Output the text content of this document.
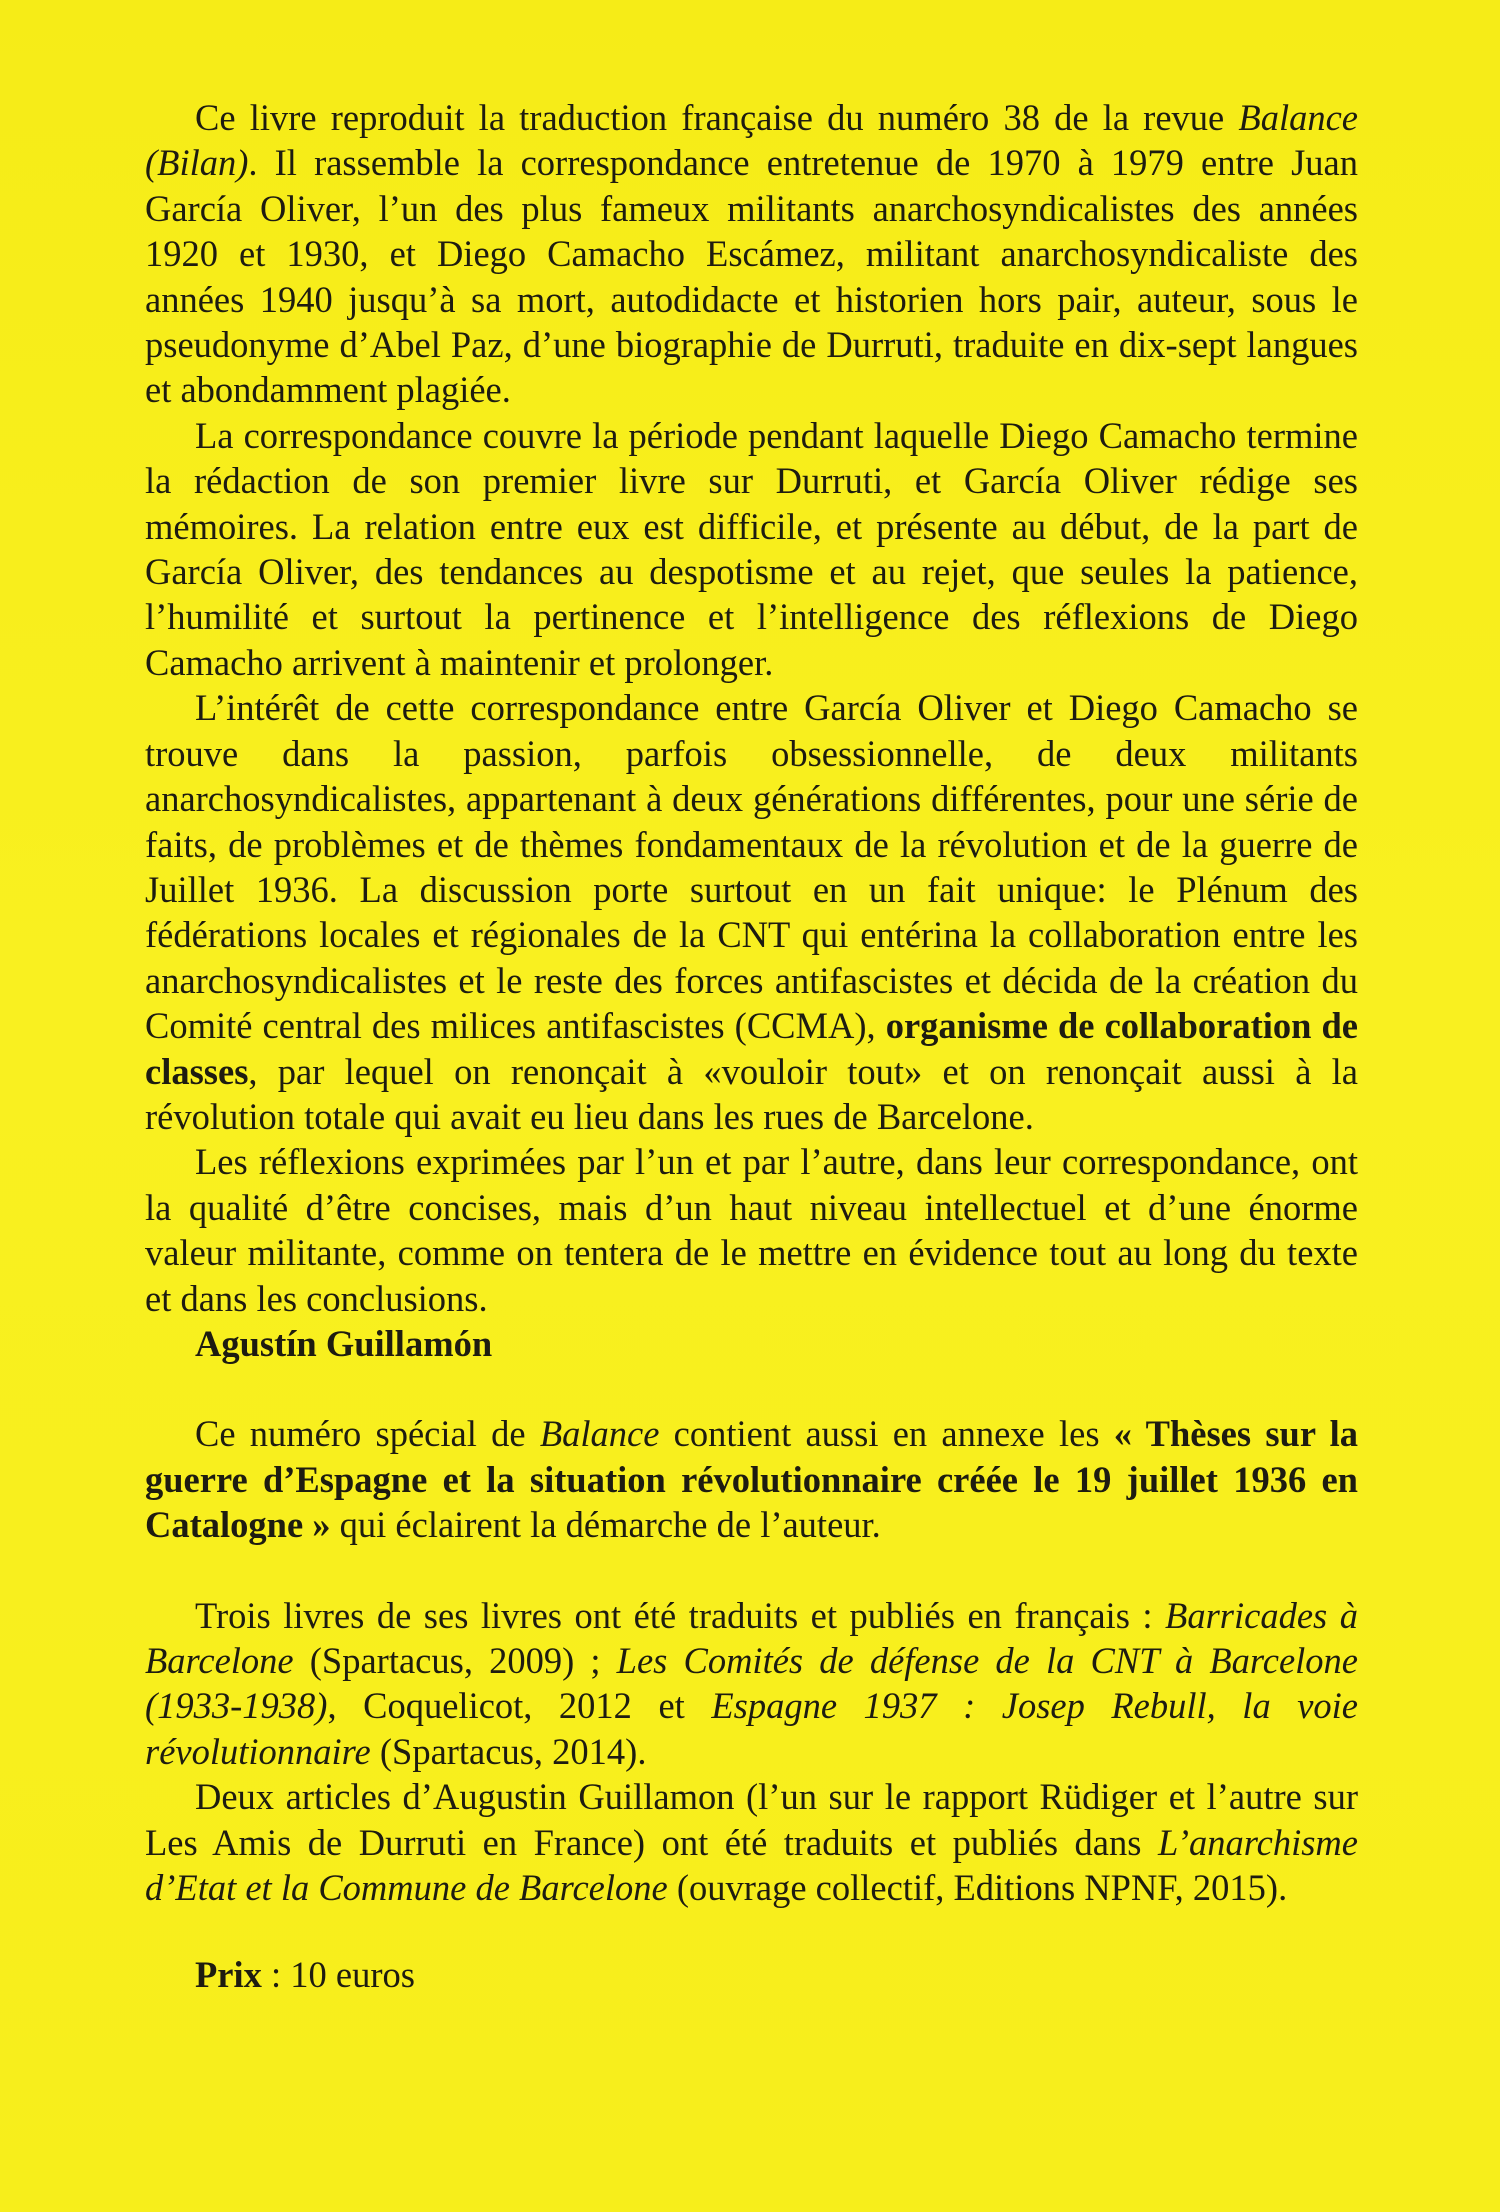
Ce livre reproduit la traduction française du numéro 38 de la revue Balance (Bilan). Il rassemble la correspondance entretenue de 1970 à 1979 entre Juan García Oliver, l’un des plus fameux militants anarchosyndicalistes des années 1920 et 1930, et Diego Camacho Escámez, militant anarchosyndicaliste des années 1940 jusqu’à sa mort, autodidacte et historien hors pair, auteur, sous le pseudonyme d’Abel Paz, d’une biographie de Durruti, traduite en dix-sept langues et abondamment plagiée.

La correspondance couvre la période pendant laquelle Diego Camacho termine la rédaction de son premier livre sur Durruti, et García Oliver rédige ses mémoires. La relation entre eux est difficile, et présente au début, de la part de García Oliver, des tendances au despotisme et au rejet, que seules la patience, l’humilité et surtout la pertinence et l’intelligence des réflexions de Diego Camacho arrivent à maintenir et prolonger.

L’intérêt de cette correspondance entre García Oliver et Diego Camacho se trouve dans la passion, parfois obsessionnelle, de deux militants anarchosyndicalistes, appartenant à deux générations différentes, pour une série de faits, de problèmes et de thèmes fondamentaux de la révolution et de la guerre de Juillet 1936. La discussion porte surtout en un fait unique: le Plénum des fédérations locales et régionales de la CNT qui entérina la collaboration entre les anarchosyndicalistes et le reste des forces antifascistes et décida de la création du Comité central des milices antifascistes (CCMA), organisme de collaboration de classes, par lequel on renonçait à «vouloir tout» et on renonçait aussi à la révolution totale qui avait eu lieu dans les rues de Barcelone.

Les réflexions exprimées par l’un et par l’autre, dans leur correspondance, ont la qualité d’être concises, mais d’un haut niveau intellectuel et d’une énorme valeur militante, comme on tentera de le mettre en évidence tout au long du texte et dans les conclusions.

Agustín Guillamón

Ce numéro spécial de Balance contient aussi en annexe les « Thèses sur la guerre d’Espagne et la situation révolutionnaire créée le 19 juillet 1936 en Catalogne » qui éclairent la démarche de l’auteur.

Trois livres de ses livres ont été traduits et publiés en français : Barricades à Barcelone (Spartacus, 2009) ; Les Comités de défense de la CNT à Barcelone (1933-1938), Coquelicot, 2012 et Espagne 1937 : Josep Rebull, la voie révolutionnaire (Spartacus, 2014).

Deux articles d’Augustin Guillamon (l’un sur le rapport Rüdiger et l’autre sur Les Amis de Durruti en France) ont été traduits et publiés dans L’anarchisme d’Etat et la Commune de Barcelone (ouvrage collectif, Editions NPNF, 2015).

Prix : 10 euros
